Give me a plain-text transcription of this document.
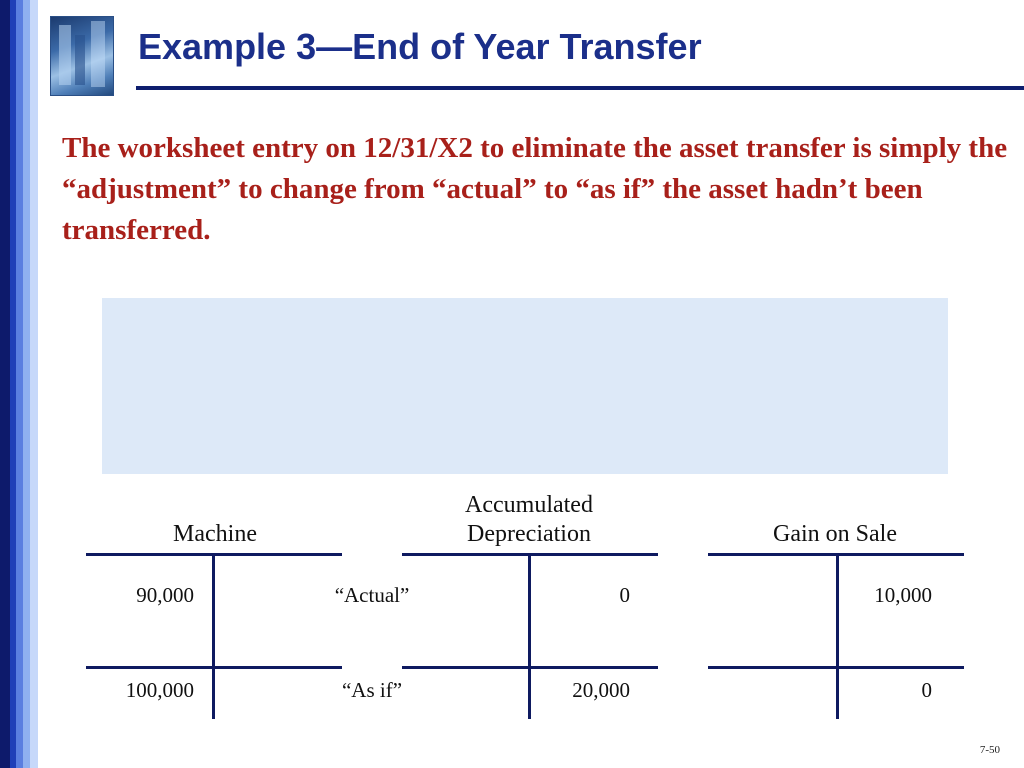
Example 3—End of Year Transfer

The worksheet entry on 12/31/X2 to eliminate the asset transfer is simply the “adjustment” to change from “actual” to “as if” the asset hadn’t been transferred.

Machine
90,000
100,000
“Actual”
“As if”
Accumulated
Depreciation
0
20,000
Gain on Sale
10,000
0
7-50
